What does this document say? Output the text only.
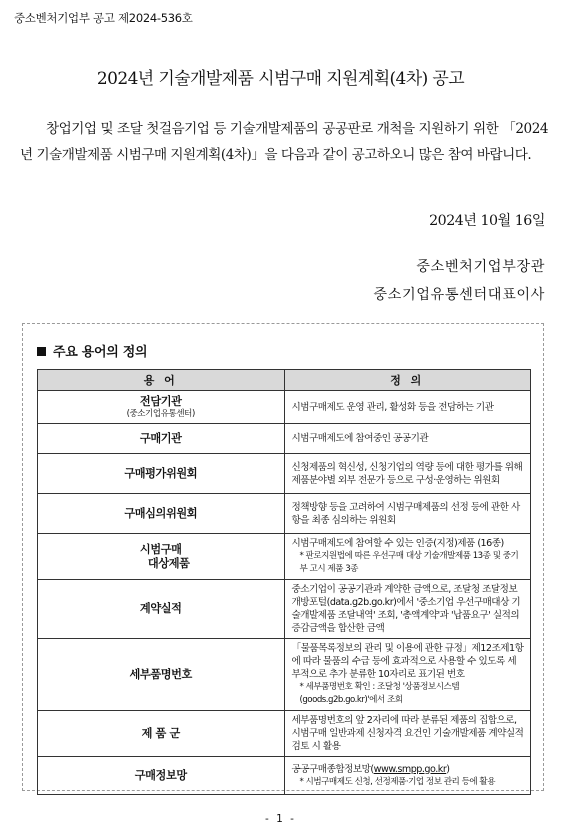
중소벤처기업부 공고 제2024-536호
2024년 기술개발제품 시범구매 지원계획(4차) 공고

창업기업 및 조달 첫걸음기업 등 기술개발제품의 공공판로 개척을 지원하기 위한 「2024년 기술개발제품 시범구매 지원계획(4차)」을 다음과 같이 공고하오니 많은 참여 바랍니다.

2024년 10월 16일
중소벤처기업부장관
중소기업유통센터대표이사
주요 용어의 정의
용 어	정 의
전담기관
(중소기업유통센터)	시범구매제도 운영 관리, 활성화 등을 전담하는 기관
구매기관	시범구매제도에 참여중인 공공기관
구매평가위원회	신청제품의 혁신성, 신청기업의 역량 등에 대한 평가를 위해 제품분야별 외부 전문가 등으로 구성·운영하는 위원회
구매심의위원회	정책방향 등을 고려하여 시범구매제품의 선정 등에 관한 사항을 최종 심의하는 위원회
시범구매
대상제품	시범구매제도에 참여할 수 있는 인증(지정)제품 (16종)
* 판로지원법에 따른 우선구매 대상 기술개발제품 13종 및 중기부 고시 제품 3종

계약실적	중소기업이 공공기관과 계약한 금액으로, 조달청 조달정보개방포털(data.g2b.go.kr)에서 '중소기업 우선구매대상 기술개발제품 조달내역' 조회, '총액계약'과 '납품요구' 실적의 증감금액을 합산한 금액
세부품명번호	「물품목록정보의 관리 및 이용에 관한 규정」제12조제1항에 따라 물품의 수급 등에 효과적으로 사용할 수 있도록 세부적으로 추가 분류한 10자리로 표기된 번호
* 세부품명번호 확인 : 조달청 '상품정보시스템(goods.g2b.go.kr)'에서 조회

제 품 군	세부품명번호의 앞 2자리에 따라 분류된 제품의 집합으로,
시범구매 일반과제 신청자격 요건인 기술개발제품 계약실적 검토 시 활용
구매정보망	공공구매종합정보망(www.smpp.go.kr)
* 시범구매제도 신청, 선정제품·기업 정보 관리 등에 활용
- 1 -
